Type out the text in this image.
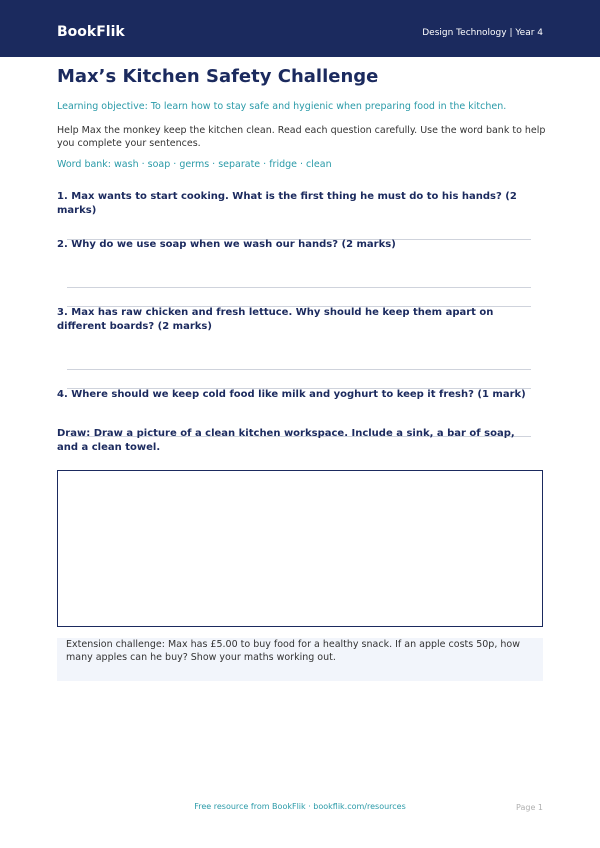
BookFlik	Design Technology | Year 4
Max’s Kitchen Safety Challenge
Learning objective: To learn how to stay safe and hygienic when preparing food in the kitchen.
Help Max the monkey keep the kitchen clean. Read each question carefully. Use the word bank to help you complete your sentences.
Word bank: wash · soap · germs · separate · fridge · clean
1. Max wants to start cooking. What is the first thing he must do to his hands? (2 marks)
2. Why do we use soap when we wash our hands? (2 marks)
3. Max has raw chicken and fresh lettuce. Why should he keep them apart on different boards? (2 marks)
4. Where should we keep cold food like milk and yoghurt to keep it fresh? (1 mark)
Draw: Draw a picture of a clean kitchen workspace. Include a sink, a bar of soap, and a clean towel.
Extension challenge: Max has £5.00 to buy food for a healthy snack. If an apple costs 50p, how many apples can he buy? Show your maths working out.
Free resource from BookFlik · bookflik.com/resources	Page 1
